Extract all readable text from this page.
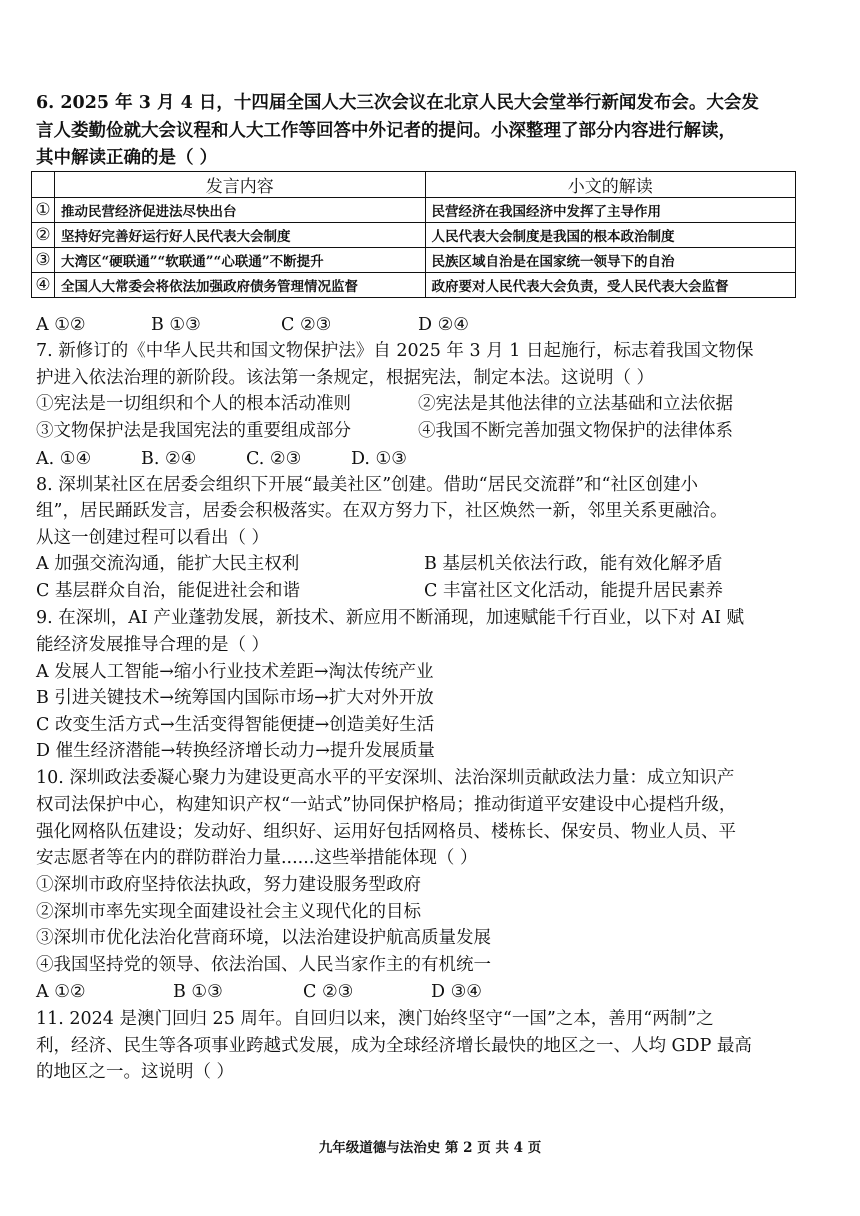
6. 2025 年 3 月 4 日，十四届全国人大三次会议在北京人民大会堂举行新闻发布会。大会发
言人娄勤俭就大会议程和人大工作等回答中外记者的提问。小深整理了部分内容进行解读，
其中解读正确的是（ ）
	发言内容	小文的解读
①	推动民营经济促进法尽快出台	民营经济在我国经济中发挥了主导作用
②	坚持好完善好运行好人民代表大会制度	人民代表大会制度是我国的根本政治制度
③	大湾区“硬联通”“软联通”“心联通”不断提升	民族区域自治是在国家统一领导下的自治
④	全国人大常委会将依法加强政府债务管理情况监督	政府要对人民代表大会负责，受人民代表大会监督
A ①②	B ①③	C ②③	D ②④
7. 新修订的《中华人民共和国文物保护法》自 2025 年 3 月 1 日起施行，标志着我国文物保
护进入依法治理的新阶段。该法第一条规定，根据宪法，制定本法。这说明（ ）
①宪法是一切组织和个人的根本活动准则	②宪法是其他法律的立法基础和立法依据
③文物保护法是我国宪法的重要组成部分	④我国不断完善加强文物保护的法律体系
A. ①④	B. ②④	C. ②③	D. ①③
8. 深圳某社区在居委会组织下开展“最美社区”创建。借助“居民交流群”和“社区创建小
组”，居民踊跃发言，居委会积极落实。在双方努力下，社区焕然一新，邻里关系更融洽。
从这一创建过程可以看出（ ）
A 加强交流沟通，能扩大民主权利	B 基层机关依法行政，能有效化解矛盾
C 基层群众自治，能促进社会和谐	C 丰富社区文化活动，能提升居民素养
9. 在深圳，AI 产业蓬勃发展，新技术、新应用不断涌现，加速赋能千行百业，以下对 AI 赋
能经济发展推导合理的是（ ）
A 发展人工智能→缩小行业技术差距→淘汰传统产业
B 引进关键技术→统筹国内国际市场→扩大对外开放
C 改变生活方式→生活变得智能便捷→创造美好生活
D 催生经济潜能→转换经济增长动力→提升发展质量
10. 深圳政法委凝心聚力为建设更高水平的平安深圳、法治深圳贡献政法力量：成立知识产
权司法保护中心，构建知识产权“一站式”协同保护格局；推动街道平安建设中心提档升级，
强化网格队伍建设；发动好、组织好、运用好包括网格员、楼栋长、保安员、物业人员、平
安志愿者等在内的群防群治力量......这些举措能体现（ ）
①深圳市政府坚持依法执政，努力建设服务型政府
②深圳市率先实现全面建设社会主义现代化的目标
③深圳市优化法治化营商环境，以法治建设护航高质量发展
④我国坚持党的领导、依法治国、人民当家作主的有机统一
A ①②	B ①③	C ②③	D ③④
11. 2024 是澳门回归 25 周年。自回归以来，澳门始终坚守“一国”之本，善用“两制”之
利，经济、民生等各项事业跨越式发展，成为全球经济增长最快的地区之一、人均 GDP 最高
的地区之一。这说明（ ）
九年级道德与法治史 第 2 页 共 4 页
